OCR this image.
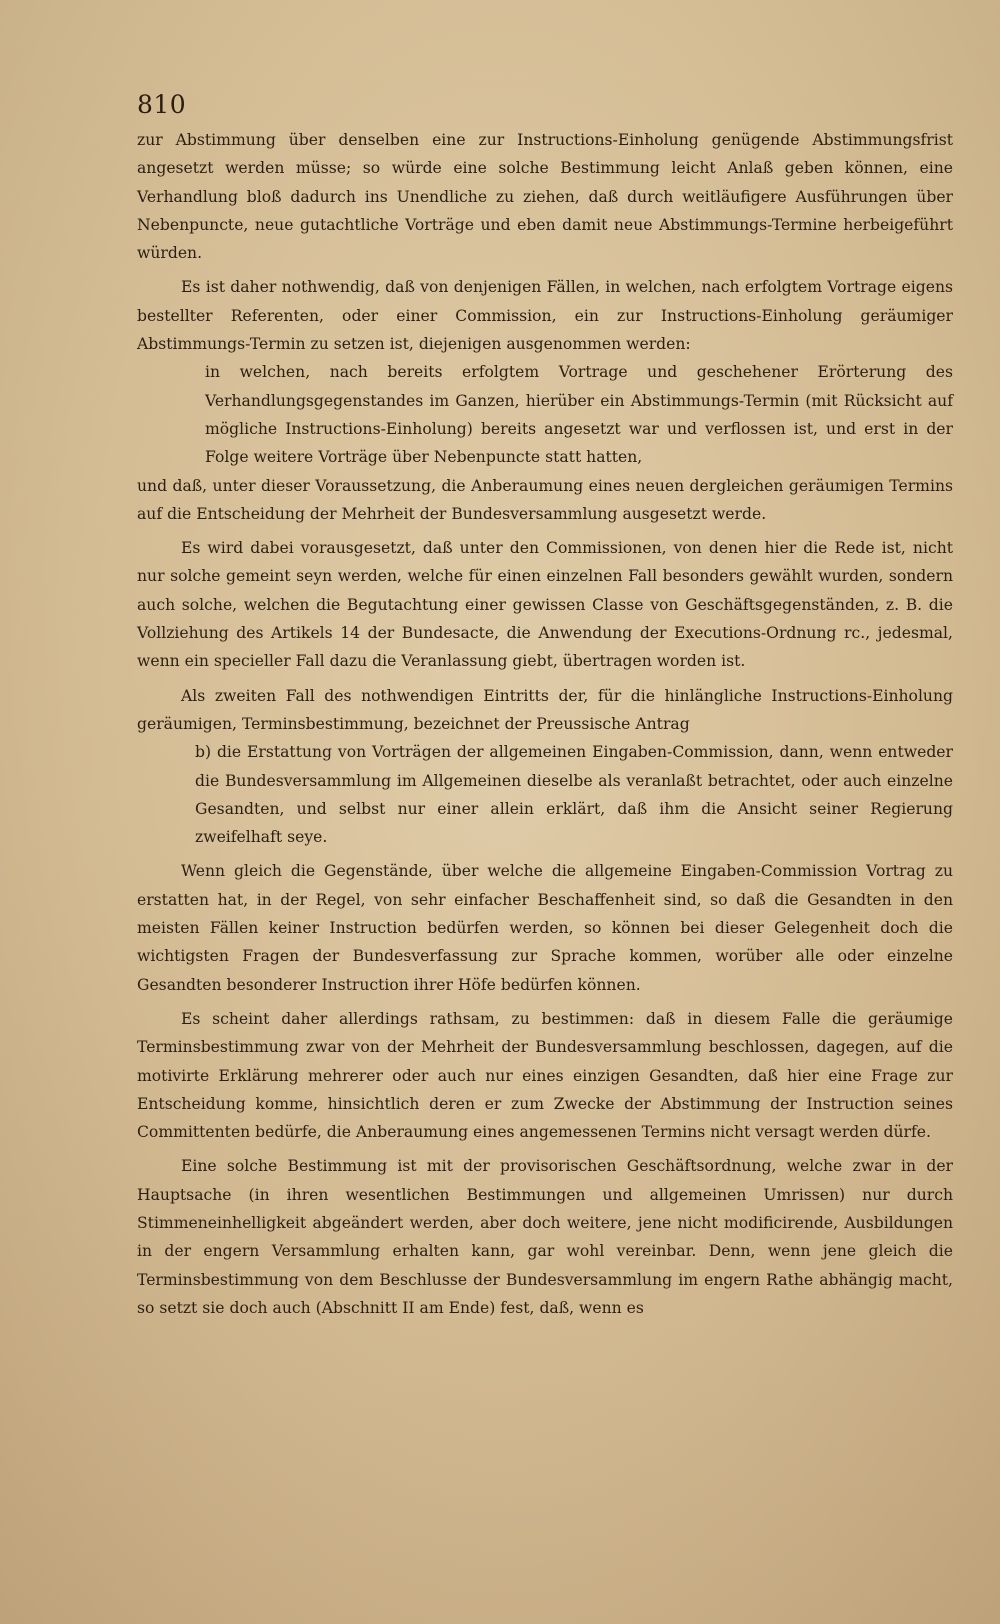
810

zur Abstimmung über denselben eine zur Instructions-Einholung genügende Abstimmungsfrist angesetzt werden müsse; so würde eine solche Bestimmung leicht Anlaß geben können, eine Verhandlung bloß dadurch ins Unendliche zu ziehen, daß durch weitläufigere Ausführungen über Nebenpuncte, neue gutachtliche Vorträge und eben damit neue Abstimmungs-Termine herbeigeführt würden.

Es ist daher nothwendig, daß von denjenigen Fällen, in welchen, nach erfolgtem Vortrage eigens bestellter Referenten, oder einer Commission, ein zur Instructions-Einholung geräumiger Abstimmungs-Termin zu setzen ist, diejenigen ausgenommen werden:

in welchen, nach bereits erfolgtem Vortrage und geschehener Erörterung des Verhandlungsgegenstandes im Ganzen, hierüber ein Abstimmungs-Termin (mit Rücksicht auf mögliche Instructions-Einholung) bereits angesetzt war und verflossen ist, und erst in der Folge weitere Vorträge über Nebenpuncte statt hatten,

und daß, unter dieser Voraussetzung, die Anberaumung eines neuen dergleichen geräumigen Termins auf die Entscheidung der Mehrheit der Bundesversammlung ausgesetzt werde.

Es wird dabei vorausgesetzt, daß unter den Commissionen, von denen hier die Rede ist, nicht nur solche gemeint seyn werden, welche für einen einzelnen Fall besonders gewählt wurden, sondern auch solche, welchen die Begutachtung einer gewissen Classe von Geschäftsgegenständen, z. B. die Vollziehung des Artikels 14 der Bundesacte, die Anwendung der Executions-Ordnung rc., jedesmal, wenn ein specieller Fall dazu die Veranlassung giebt, übertragen worden ist.

Als zweiten Fall des nothwendigen Eintritts der, für die hinlängliche Instructions-Einholung geräumigen, Terminsbestimmung, bezeichnet der Preussische Antrag

b) die Erstattung von Vorträgen der allgemeinen Eingaben-Commission, dann, wenn entweder die Bundesversammlung im Allgemeinen dieselbe als veranlaßt betrachtet, oder auch einzelne Gesandten, und selbst nur einer allein erklärt, daß ihm die Ansicht seiner Regierung zweifelhaft seye.

Wenn gleich die Gegenstände, über welche die allgemeine Eingaben-Commission Vortrag zu erstatten hat, in der Regel, von sehr einfacher Beschaffenheit sind, so daß die Gesandten in den meisten Fällen keiner Instruction bedürfen werden, so können bei dieser Gelegenheit doch die wichtigsten Fragen der Bundesverfassung zur Sprache kommen, worüber alle oder einzelne Gesandten besonderer Instruction ihrer Höfe bedürfen können.

Es scheint daher allerdings rathsam, zu bestimmen: daß in diesem Falle die geräumige Terminsbestimmung zwar von der Mehrheit der Bundesversammlung beschlossen, dagegen, auf die motivirte Erklärung mehrerer oder auch nur eines einzigen Gesandten, daß hier eine Frage zur Entscheidung komme, hinsichtlich deren er zum Zwecke der Abstimmung der Instruction seines Committenten bedürfe, die Anberaumung eines angemessenen Termins nicht versagt werden dürfe.

Eine solche Bestimmung ist mit der provisorischen Geschäftsordnung, welche zwar in der Hauptsache (in ihren wesentlichen Bestimmungen und allgemeinen Umrissen) nur durch Stimmeneinhelligkeit abgeändert werden, aber doch weitere, jene nicht modificirende, Ausbildungen in der engern Versammlung erhalten kann, gar wohl vereinbar. Denn, wenn jene gleich die Terminsbestimmung von dem Beschlusse der Bundesversammlung im engern Rathe abhängig macht, so setzt sie doch auch (Abschnitt II am Ende) fest, daß, wenn es
